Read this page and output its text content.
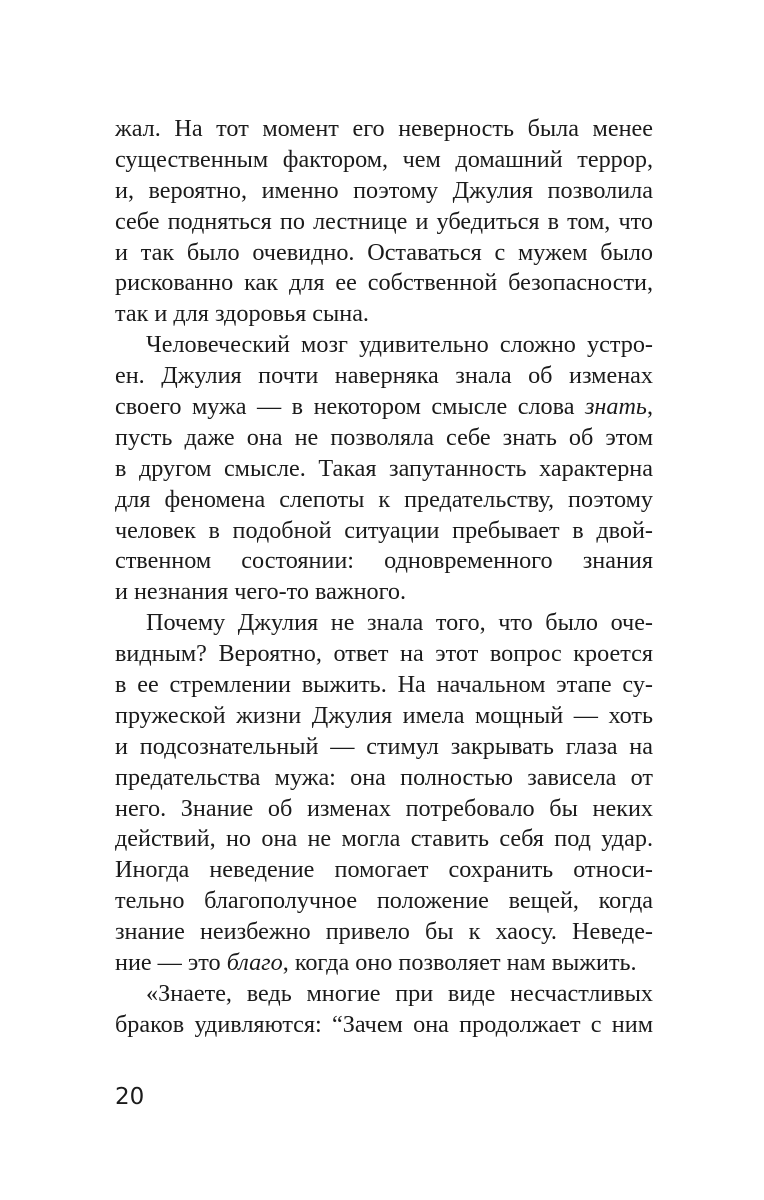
жал. На тот момент его неверность была менее
существенным фактором, чем домашний террор,
и, вероятно, именно поэтому Джулия позволила
себе подняться по лестнице и убедиться в том, что
и так было очевидно. Оставаться с мужем было
рискованно как для ее собственной безопасности,
так и для здоровья сына.
Человеческий мозг удивительно сложно устро-
ен. Джулия почти наверняка знала об изменах
своего мужа — в некотором смысле слова знать,
пусть даже она не позволяла себе знать об этом
в другом смысле. Такая запутанность характерна
для феномена слепоты к предательству, поэтому
человек в подобной ситуации пребывает в двой-
ственном состоянии: одновременного знания
и незнания чего-то важного.
Почему Джулия не знала того, что было оче-
видным? Вероятно, ответ на этот вопрос кроется
в ее стремлении выжить. На начальном этапе су-
пружеской жизни Джулия имела мощный — хоть
и подсознательный — стимул закрывать глаза на
предательства мужа: она полностью зависела от
него. Знание об изменах потребовало бы неких
действий, но она не могла ставить себя под удар.
Иногда неведение помогает сохранить относи-
тельно благополучное положение вещей, когда
знание неизбежно привело бы к хаосу. Неведе-
ние — это благо, когда оно позволяет нам выжить.
«Знаете, ведь многие при виде несчастливых
браков удивляются: “Зачем она продолжает с ним
20
